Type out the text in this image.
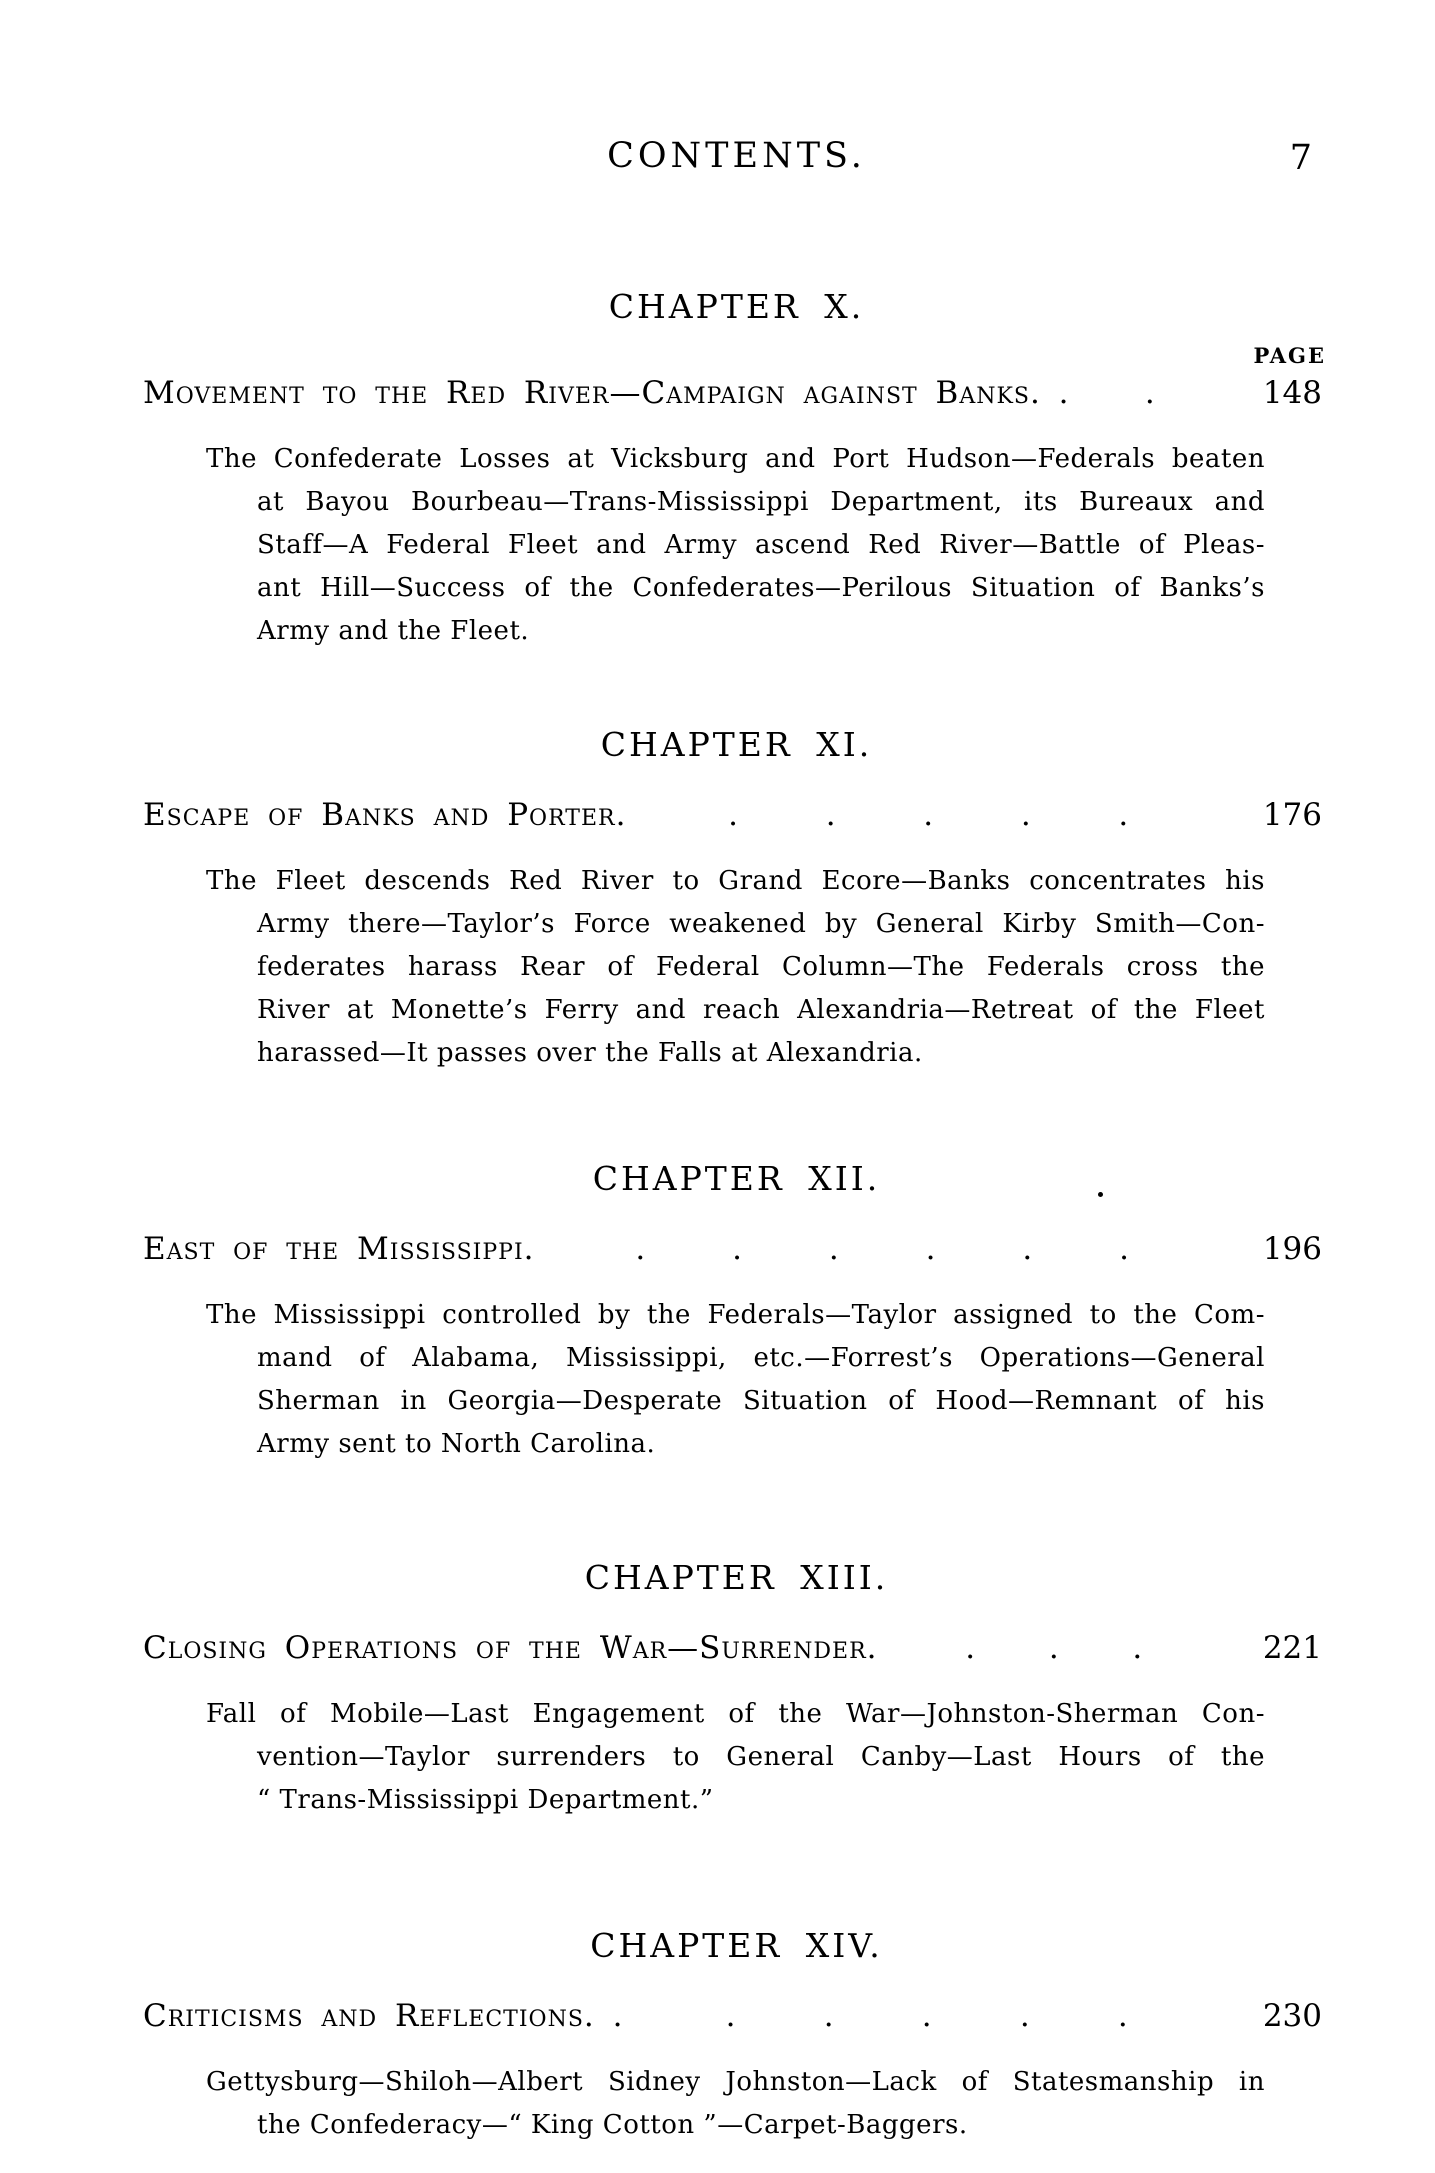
CONTENTS.	7
CHAPTER X.
PAGE
Movement to the Red River—Campaign against Banks. . .	148
The Confederate Losses at Vicksburg and Port Hudson—Federals beaten
at Bayou Bourbeau—Trans-Mississippi Department, its Bureaux and
Staff—A Federal Fleet and Army ascend Red River—Battle of Pleas-
ant Hill—Success of the Confederates—Perilous Situation of Banks’s
Army and the Fleet.
CHAPTER XI.
Escape of Banks and Porter.	.	.	.	.	.	176
The Fleet descends Red River to Grand Ecore—Banks concentrates his
Army there—Taylor’s Force weakened by General Kirby Smith—Con-
federates harass Rear of Federal Column—The Federals cross the
River at Monette’s Ferry and reach Alexandria—Retreat of the Fleet
harassed—It passes over the Falls at Alexandria.
CHAPTER XII.
East of the Mississippi.	.	.	.	.	.	.	196
The Mississippi controlled by the Federals—Taylor assigned to the Com-
mand of Alabama, Mississippi, etc.—Forrest’s Operations—General
Sherman in Georgia—Desperate Situation of Hood—Remnant of his
Army sent to North Carolina.
CHAPTER XIII.
Closing Operations of the War—Surrender.	. . .	221
Fall of Mobile—Last Engagement of the War—Johnston-Sherman Con-
vention—Taylor surrenders to General Canby—Last Hours of the
“ Trans-Mississippi Department.”
CHAPTER XIV.
Criticisms and Reflections. .	.	.	.	.	.	230
Gettysburg—Shiloh—Albert Sidney Johnston—Lack of Statesmanship in
the Confederacy—“ King Cotton ”—Carpet-Baggers.
